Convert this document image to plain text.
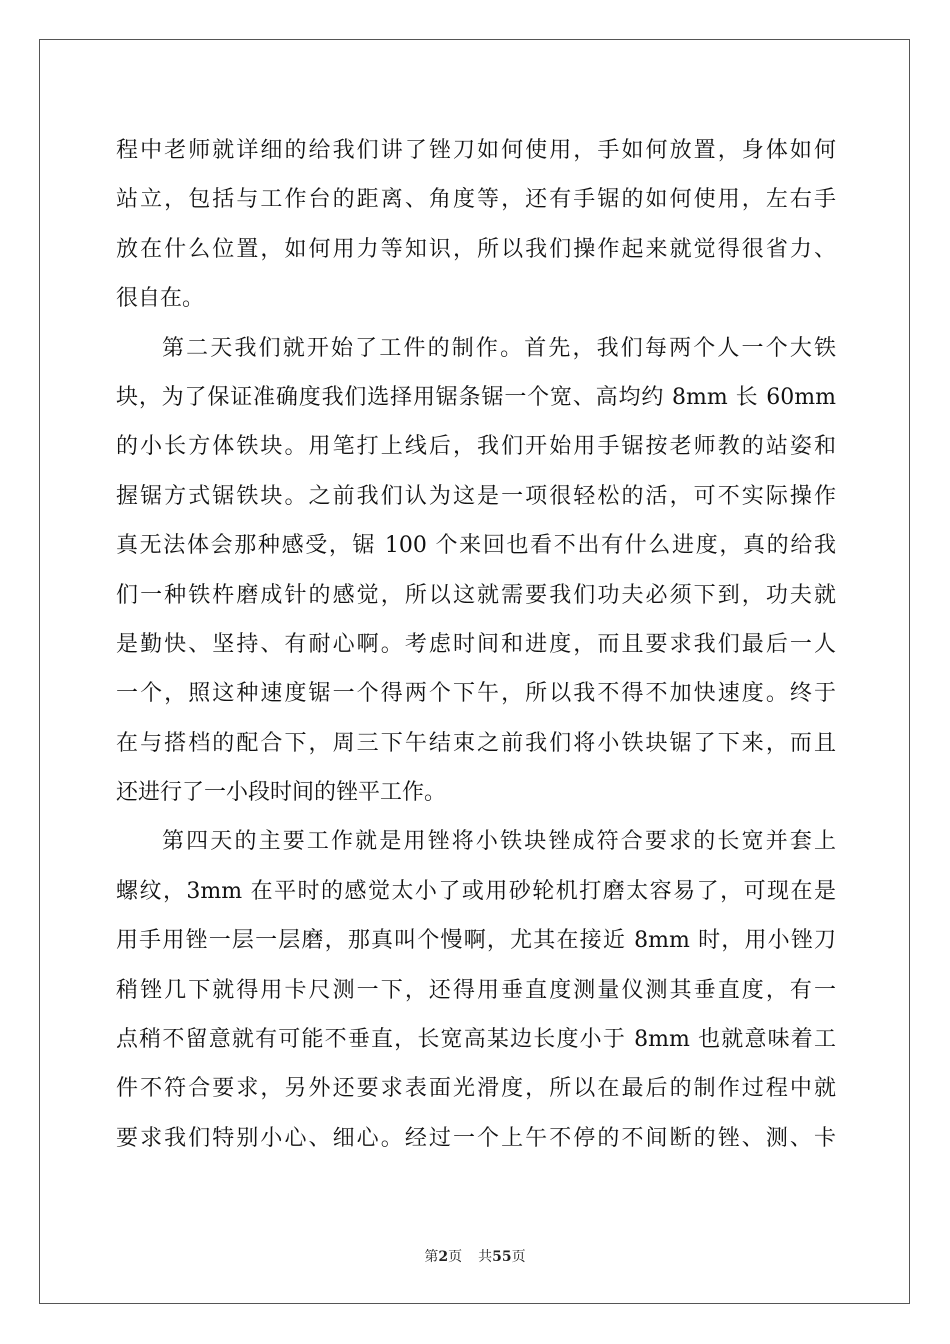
程中老师就详细的给我们讲了锉刀如何使用，手如何放置，身体如何
站立，包括与工作台的距离、角度等，还有手锯的如何使用，左右手
放在什么位置，如何用力等知识，所以我们操作起来就觉得很省力、
很自在。
第二天我们就开始了工件的制作。首先，我们每两个人一个大铁
块，为了保证准确度我们选择用锯条锯一个宽、高均约 8mm 长 60mm
的小长方体铁块。用笔打上线后，我们开始用手锯按老师教的站姿和
握锯方式锯铁块。之前我们认为这是一项很轻松的活，可不实际操作
真无法体会那种感受，锯 100 个来回也看不出有什么进度，真的给我
们一种铁杵磨成针的感觉，所以这就需要我们功夫必须下到，功夫就
是勤快、坚持、有耐心啊。考虑时间和进度，而且要求我们最后一人
一个，照这种速度锯一个得两个下午，所以我不得不加快速度。终于
在与搭档的配合下，周三下午结束之前我们将小铁块锯了下来，而且
还进行了一小段时间的锉平工作。
第四天的主要工作就是用锉将小铁块锉成符合要求的长宽并套上
螺纹，3mm 在平时的感觉太小了或用砂轮机打磨太容易了，可现在是
用手用锉一层一层磨，那真叫个慢啊，尤其在接近 8mm 时，用小锉刀
稍锉几下就得用卡尺测一下，还得用垂直度测量仪测其垂直度，有一
点稍不留意就有可能不垂直，长宽高某边长度小于 8mm 也就意味着工
件不符合要求，另外还要求表面光滑度，所以在最后的制作过程中就
要求我们特别小心、细心。经过一个上午不停的不间断的锉、测、卡
第2页 共55页
